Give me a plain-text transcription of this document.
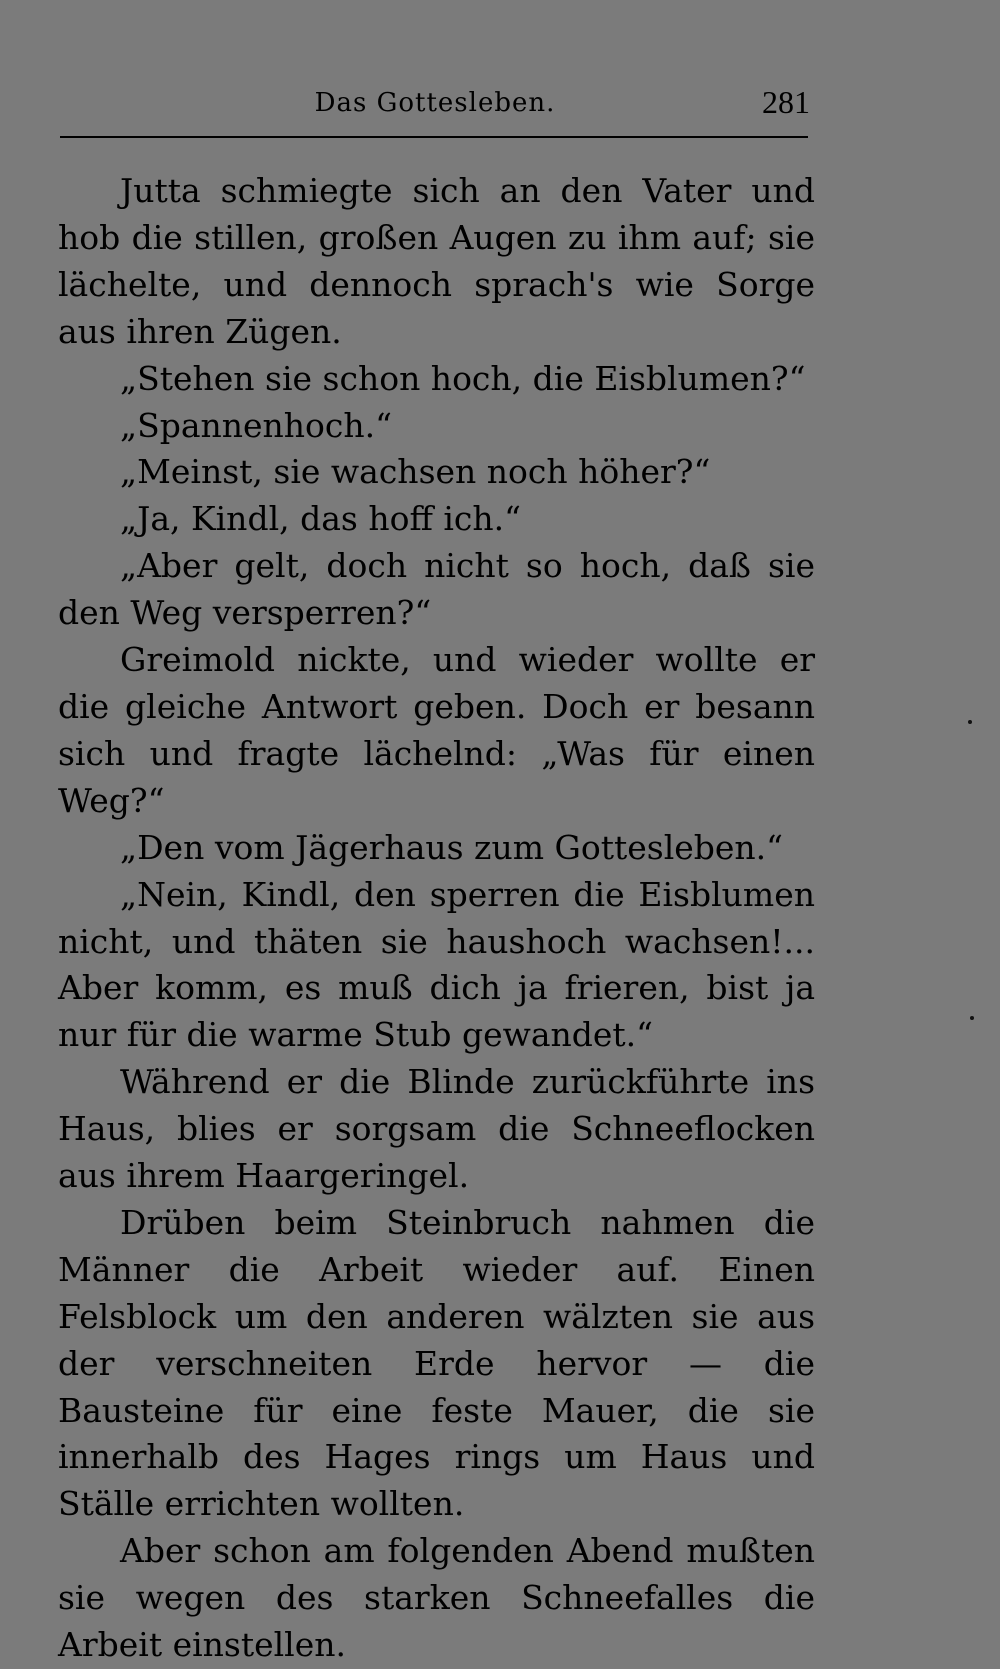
Das Gottesleben.	281

Jutta schmiegte sich an den Vater und hob die stillen, großen Augen zu ihm auf; sie lächelte, und dennoch sprach's wie Sorge aus ihren Zügen.

„Stehen sie schon hoch, die Eisblumen?“

„Spannenhoch.“

„Meinst, sie wachsen noch höher?“

„Ja, Kindl, das hoff ich.“

„Aber gelt, doch nicht so hoch, daß sie den Weg versperren?“

Greimold nickte, und wieder wollte er die gleiche Antwort geben. Doch er besann sich und fragte lächelnd: „Was für einen Weg?“

„Den vom Jägerhaus zum Gottesleben.“

„Nein, Kindl, den sperren die Eisblumen nicht, und thäten sie haushoch wachsen!... Aber komm, es muß dich ja frieren, bist ja nur für die warme Stub gewandet.“

Während er die Blinde zurückführte ins Haus, blies er sorgsam die Schneeflocken aus ihrem Haargeringel.

Drüben beim Steinbruch nahmen die Männer die Arbeit wieder auf. Einen Felsblock um den anderen wälzten sie aus der verschneiten Erde hervor — die Bausteine für eine feste Mauer, die sie innerhalb des Hages rings um Haus und Ställe errichten wollten.

Aber schon am folgenden Abend mußten sie wegen des starken Schneefalles die Arbeit einstellen.
